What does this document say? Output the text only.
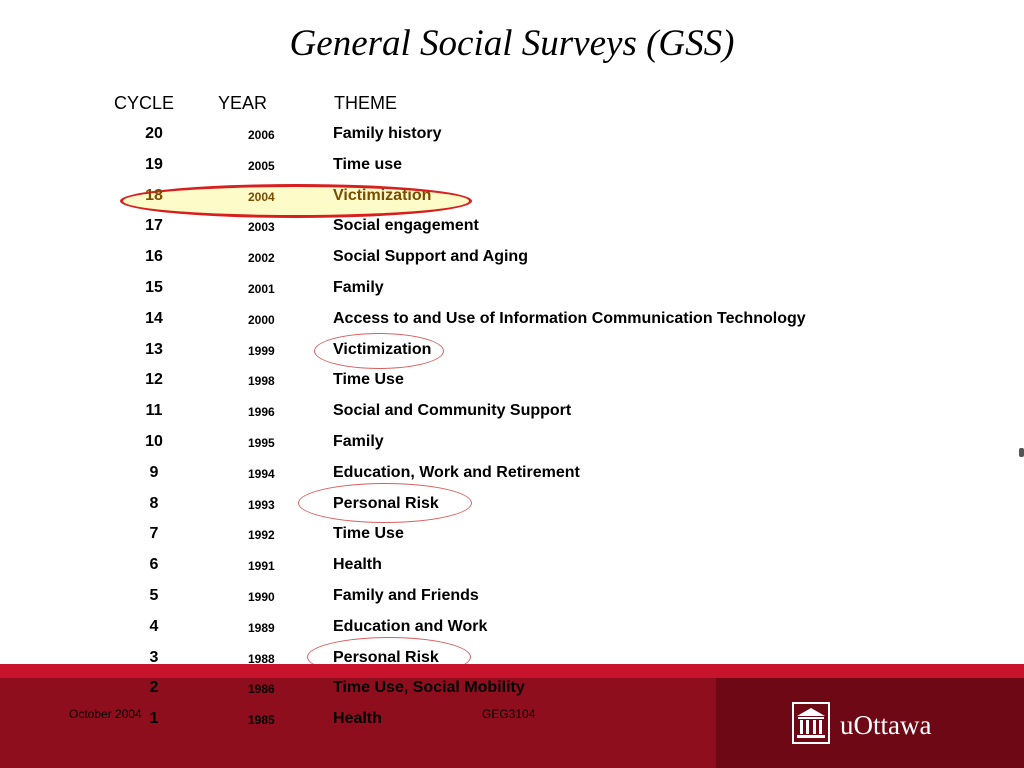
General Social Surveys (GSS)
CYCLE YEAR	THEME
20	2006	Family history
19	2005	Time use
18	2004	Victimization
17	2003	Social engagement
16	2002	Social Support and Aging
15	2001	Family
14	2000	Access to and Use of Information Communication Technology
13	1999	Victimization
12	1998	Time Use
11	1996	Social and Community Support
10	1995	Family
9	1994	Education, Work and Retirement
8	1993	Personal Risk
7	1992	Time Use
6	1991	Health
5	1990	Family and Friends
4	1989	Education and Work
3	1988	Personal Risk
2	1986	Time Use, Social Mobility
1	1985	Health
October 2004	GEG3104	uOttawa
